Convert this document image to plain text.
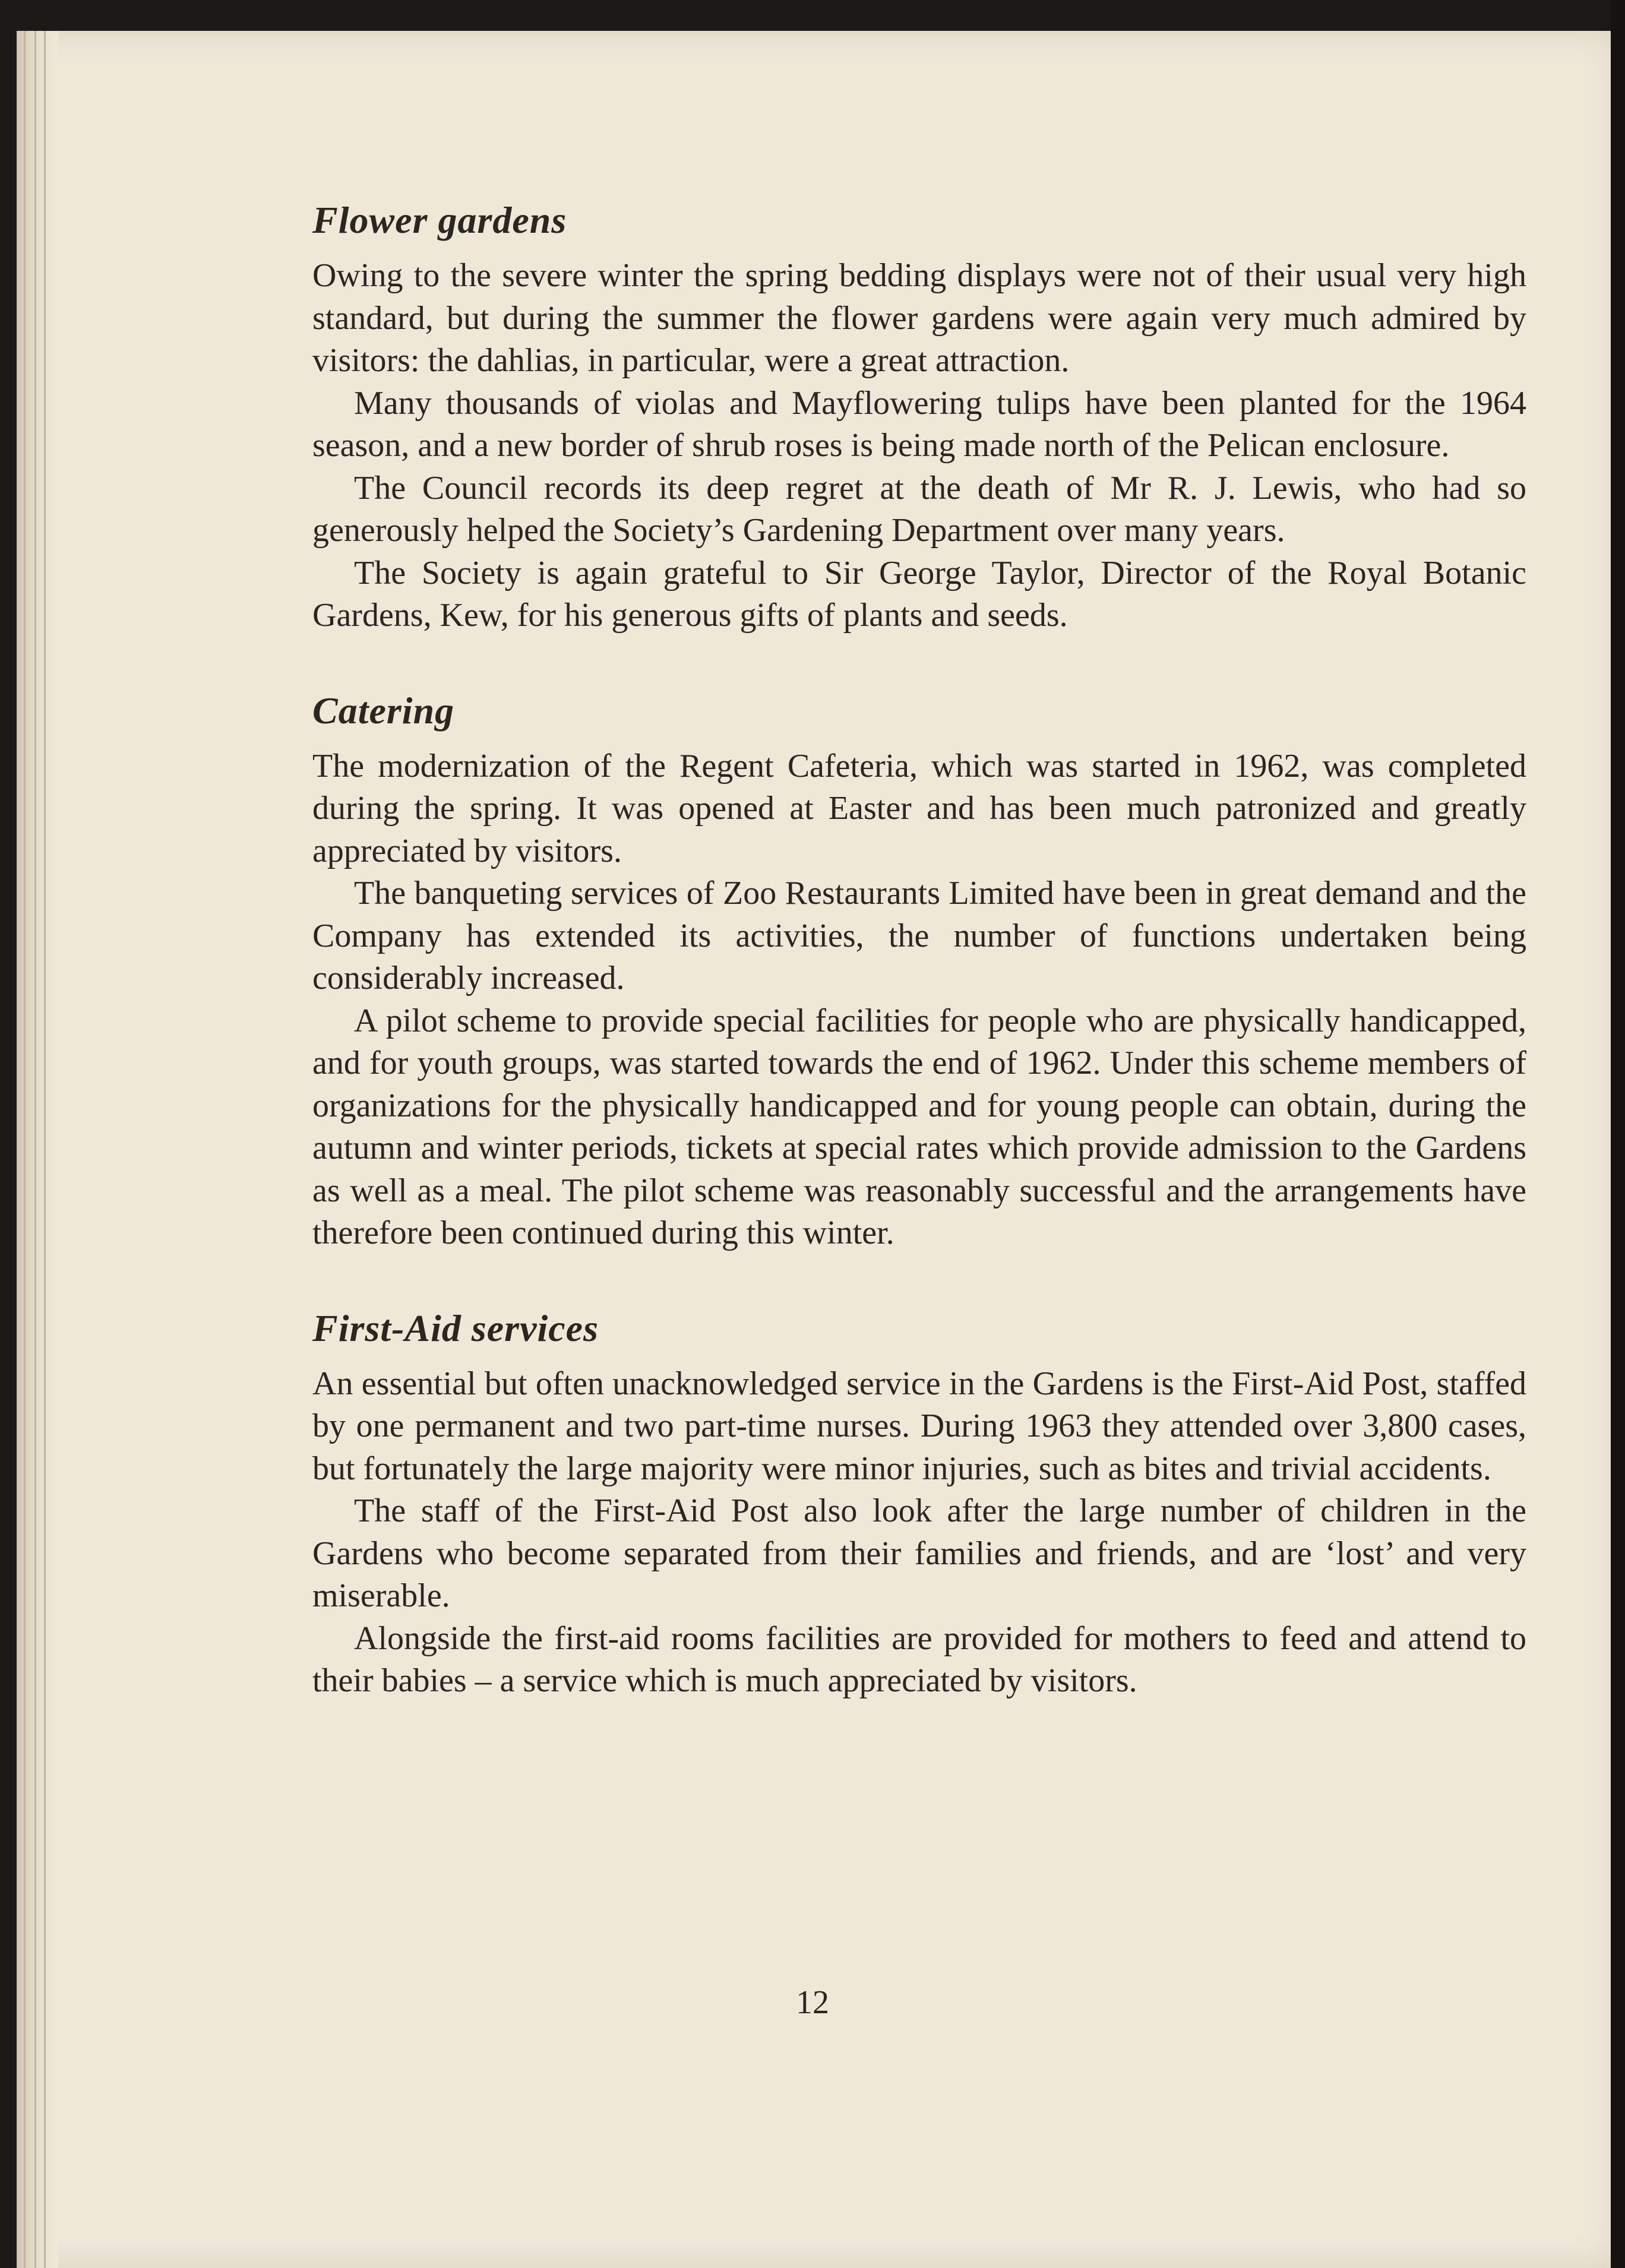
Flower gardens

Owing to the severe winter the spring bedding displays were not of their usual very high standard, but during the summer the flower gardens were again very much admired by visitors: the dahlias, in particular, were a great attraction.

Many thousands of violas and Mayflowering tulips have been planted for the 1964 season, and a new border of shrub roses is being made north of the Pelican enclosure.

The Council records its deep regret at the death of Mr R. J. Lewis, who had so generously helped the Society’s Gardening Department over many years.

The Society is again grateful to Sir George Taylor, Director of the Royal Botanic Gardens, Kew, for his generous gifts of plants and seeds.

Catering

The modernization of the Regent Cafeteria, which was started in 1962, was completed during the spring. It was opened at Easter and has been much patronized and greatly appreciated by visitors.

The banqueting services of Zoo Restaurants Limited have been in great demand and the Company has extended its activities, the number of functions undertaken being considerably increased.

A pilot scheme to provide special facilities for people who are physically handicapped, and for youth groups, was started towards the end of 1962. Under this scheme members of organizations for the physically handicapped and for young people can obtain, during the autumn and winter periods, tickets at special rates which provide admission to the Gardens as well as a meal. The pilot scheme was reasonably successful and the arrangements have therefore been continued during this winter.

First-Aid services

An essential but often unacknowledged service in the Gardens is the First-Aid Post, staffed by one permanent and two part-time nurses. During 1963 they attended over 3,800 cases, but fortunately the large majority were minor injuries, such as bites and trivial accidents.

The staff of the First-Aid Post also look after the large number of children in the Gardens who become separated from their families and friends, and are ‘lost’ and very miserable.

Alongside the first-aid rooms facilities are provided for mothers to feed and attend to their babies – a service which is much appreciated by visitors.

12
